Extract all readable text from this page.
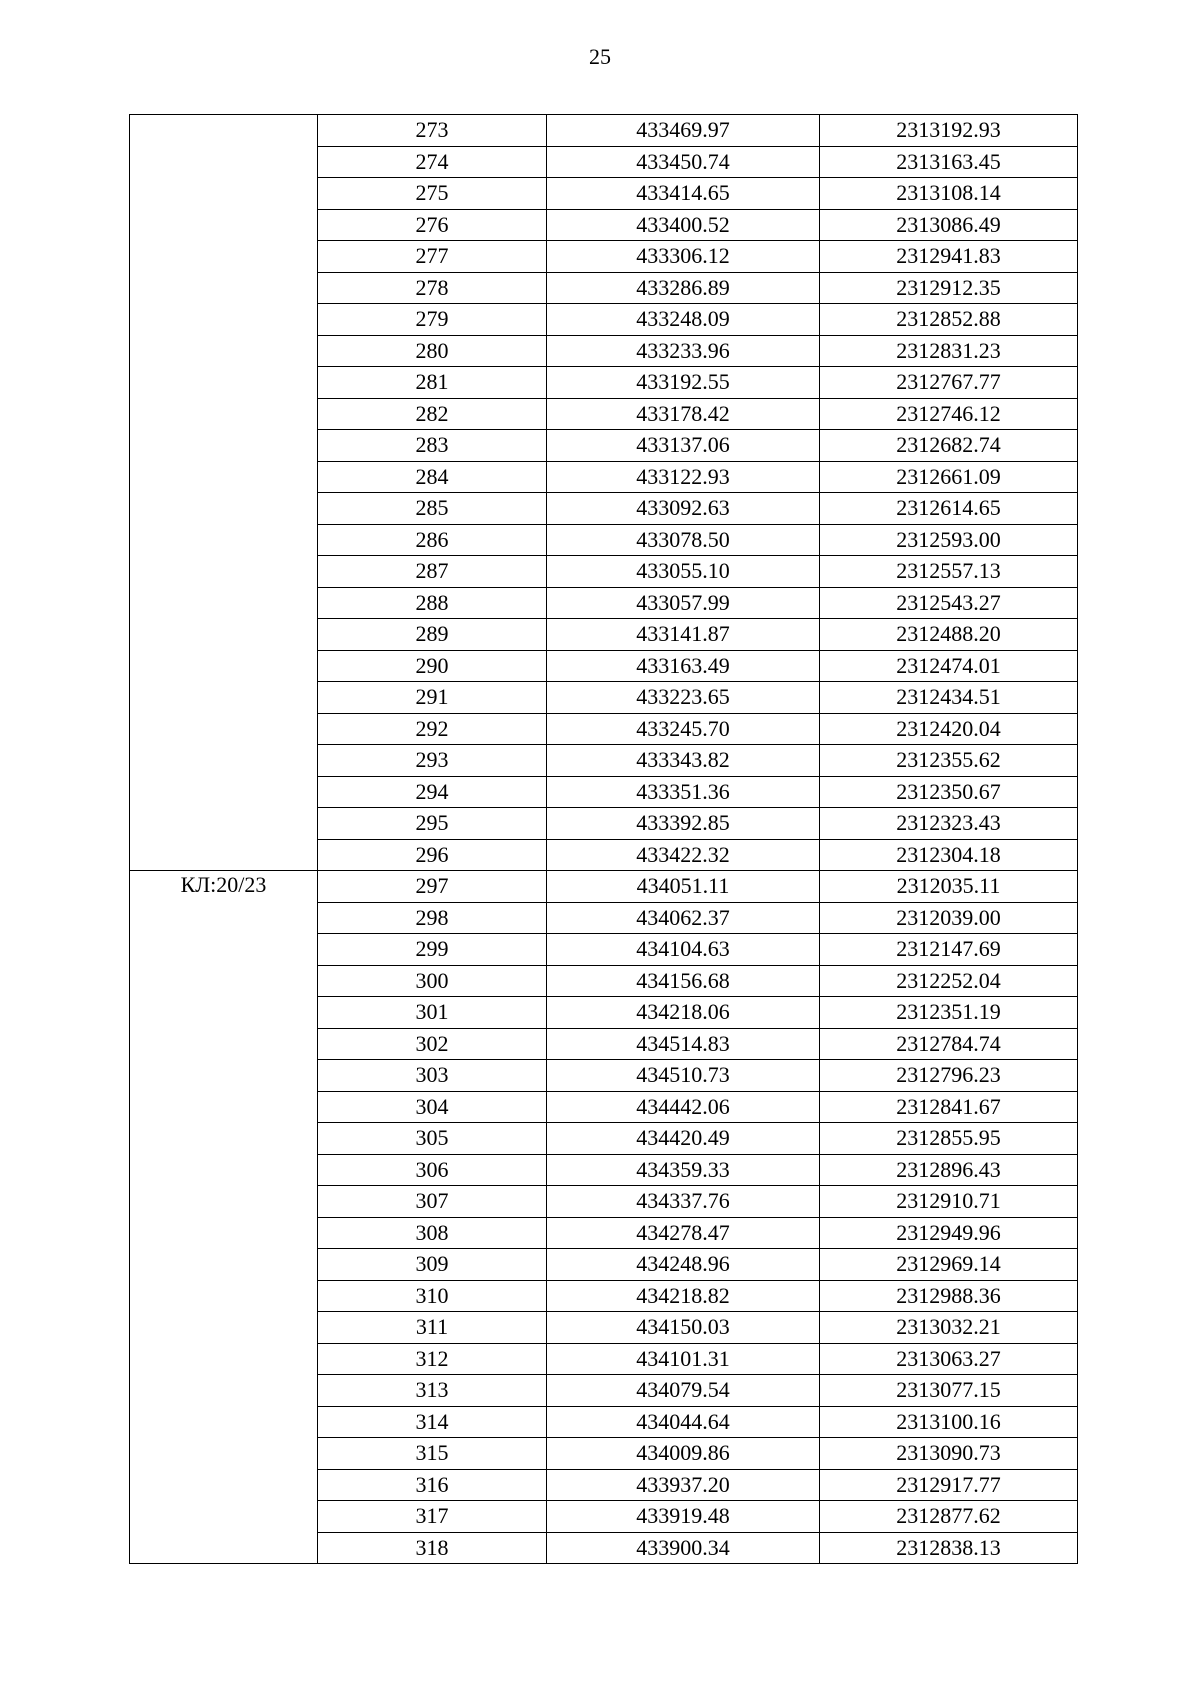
25
	273	433469.97	2313192.93
	274	433450.74	2313163.45
	275	433414.65	2313108.14
	276	433400.52	2313086.49
	277	433306.12	2312941.83
	278	433286.89	2312912.35
	279	433248.09	2312852.88
	280	433233.96	2312831.23
	281	433192.55	2312767.77
	282	433178.42	2312746.12
	283	433137.06	2312682.74
	284	433122.93	2312661.09
	285	433092.63	2312614.65
	286	433078.50	2312593.00
	287	433055.10	2312557.13
	288	433057.99	2312543.27
	289	433141.87	2312488.20
	290	433163.49	2312474.01
	291	433223.65	2312434.51
	292	433245.70	2312420.04
	293	433343.82	2312355.62
	294	433351.36	2312350.67
	295	433392.85	2312323.43
	296	433422.32	2312304.18
КЛ:20/23	297	434051.11	2312035.11
	298	434062.37	2312039.00
	299	434104.63	2312147.69
	300	434156.68	2312252.04
	301	434218.06	2312351.19
	302	434514.83	2312784.74
	303	434510.73	2312796.23
	304	434442.06	2312841.67
	305	434420.49	2312855.95
	306	434359.33	2312896.43
	307	434337.76	2312910.71
	308	434278.47	2312949.96
	309	434248.96	2312969.14
	310	434218.82	2312988.36
	311	434150.03	2313032.21
	312	434101.31	2313063.27
	313	434079.54	2313077.15
	314	434044.64	2313100.16
	315	434009.86	2313090.73
	316	433937.20	2312917.77
	317	433919.48	2312877.62
	318	433900.34	2312838.13
